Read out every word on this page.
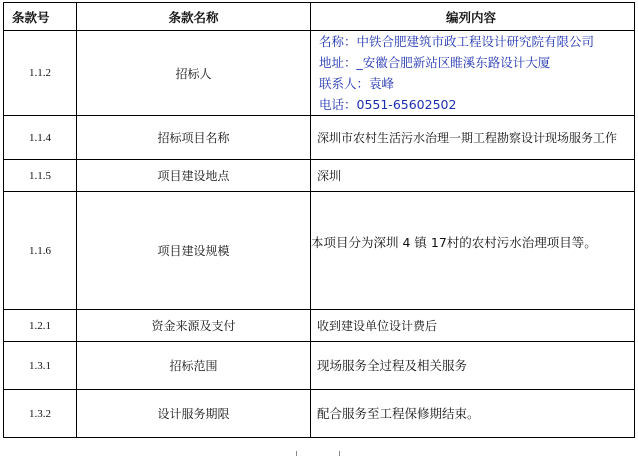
条款号	条款名称	编列内容
1.1.2	招标人	名称：中铁合肥建筑市政工程设计研究院有限公司
地址：_安徽合肥新站区睢溪东路设计大厦
联系人：袁峰
电话：0551-65602502

1.1.4	招标项目名称	深圳市农村生活污水治理一期工程勘察设计现场服务工作
1.1.5	项目建设地点	深圳
1.1.6	项目建设规模	本项目分为深圳 4 镇 17村的农村污水治理项目等。
1.2.1	资金来源及支付	收到建设单位设计费后
1.3.1	招标范围	现场服务全过程及相关服务
1.3.2	设计服务期限	配合服务至工程保修期结束。
